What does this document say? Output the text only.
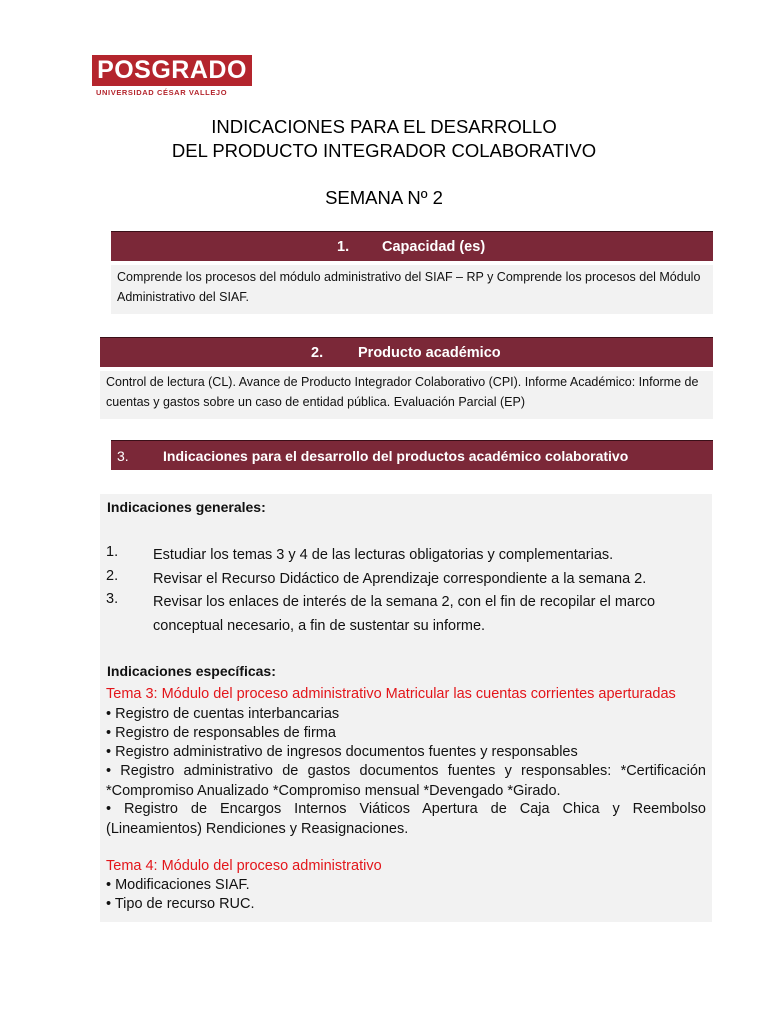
POSGRADO
UNIVERSIDAD CÉSAR VALLEJO
INDICACIONES PARA EL DESARROLLO
DEL PRODUCTO INTEGRADOR COLABORATIVO
SEMANA Nº 2
1. Capacidad (es)
Comprende los procesos del módulo administrativo del SIAF – RP y Comprende los procesos del Módulo Administrativo del SIAF.
2. Producto académico
Control de lectura (CL). Avance de Producto Integrador Colaborativo (CPI). Informe Académico: Informe de cuentas y gastos sobre un caso de entidad pública. Evaluación Parcial (EP)
3. Indicaciones para el desarrollo del productos académico colaborativo
Indicaciones generales:
1. Estudiar los temas 3 y 4 de las lecturas obligatorias y complementarias.
2. Revisar el Recurso Didáctico de Aprendizaje correspondiente a la semana 2.
3. Revisar los enlaces de interés de la semana 2, con el fin de recopilar el marco conceptual necesario, a fin de sustentar su informe.
Indicaciones específicas:
Tema 3: Módulo del proceso administrativo Matricular las cuentas corrientes aperturadas
• Registro de cuentas interbancarias
• Registro de responsables de firma
• Registro administrativo de ingresos documentos fuentes y responsables
• Registro administrativo de gastos documentos fuentes y responsables: *Certificación *Compromiso Anualizado *Compromiso mensual *Devengado *Girado.
• Registro de Encargos Internos Viáticos Apertura de Caja Chica y Reembolso (Lineamientos) Rendiciones y Reasignaciones.
Tema 4: Módulo del proceso administrativo
• Modificaciones SIAF.
• Tipo de recurso RUC.
